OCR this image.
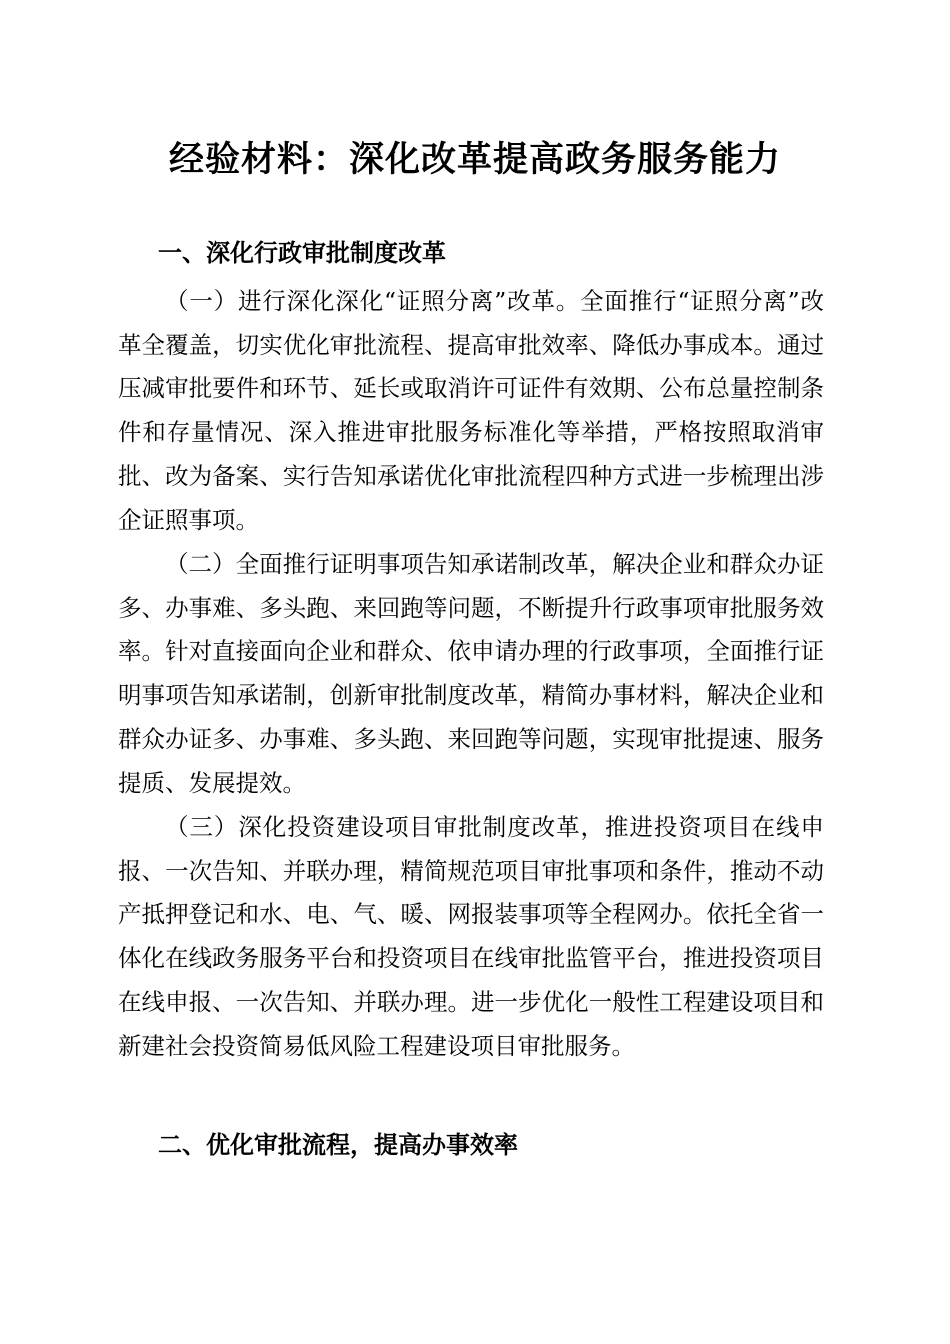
经验材料：深化改革提高政务服务能力
一、深化行政审批制度改革

（一）进行深化深化“证照分离”改革。全面推行“证照分离”改革全覆盖，切实优化审批流程、提高审批效率、降低办事成本。通过压减审批要件和环节、延长或取消许可证件有效期、公布总量控制条件和存量情况、深入推进审批服务标准化等举措，严格按照取消审批、改为备案、实行告知承诺优化审批流程四种方式进一步梳理出涉企证照事项。

（二）全面推行证明事项告知承诺制改革，解决企业和群众办证多、办事难、多头跑、来回跑等问题，不断提升行政事项审批服务效率。针对直接面向企业和群众、依申请办理的行政事项，全面推行证明事项告知承诺制，创新审批制度改革，精简办事材料，解决企业和群众办证多、办事难、多头跑、来回跑等问题，实现审批提速、服务提质、发展提效。

（三）深化投资建设项目审批制度改革，推进投资项目在线申报、一次告知、并联办理，精简规范项目审批事项和条件，推动不动产抵押登记和水、电、气、暖、网报装事项等全程网办。依托全省一体化在线政务服务平台和投资项目在线审批监管平台，推进投资项目在线申报、一次告知、并联办理。进一步优化一般性工程建设项目和新建社会投资简易低风险工程建设项目审批服务。

二、优化审批流程，提高办事效率
